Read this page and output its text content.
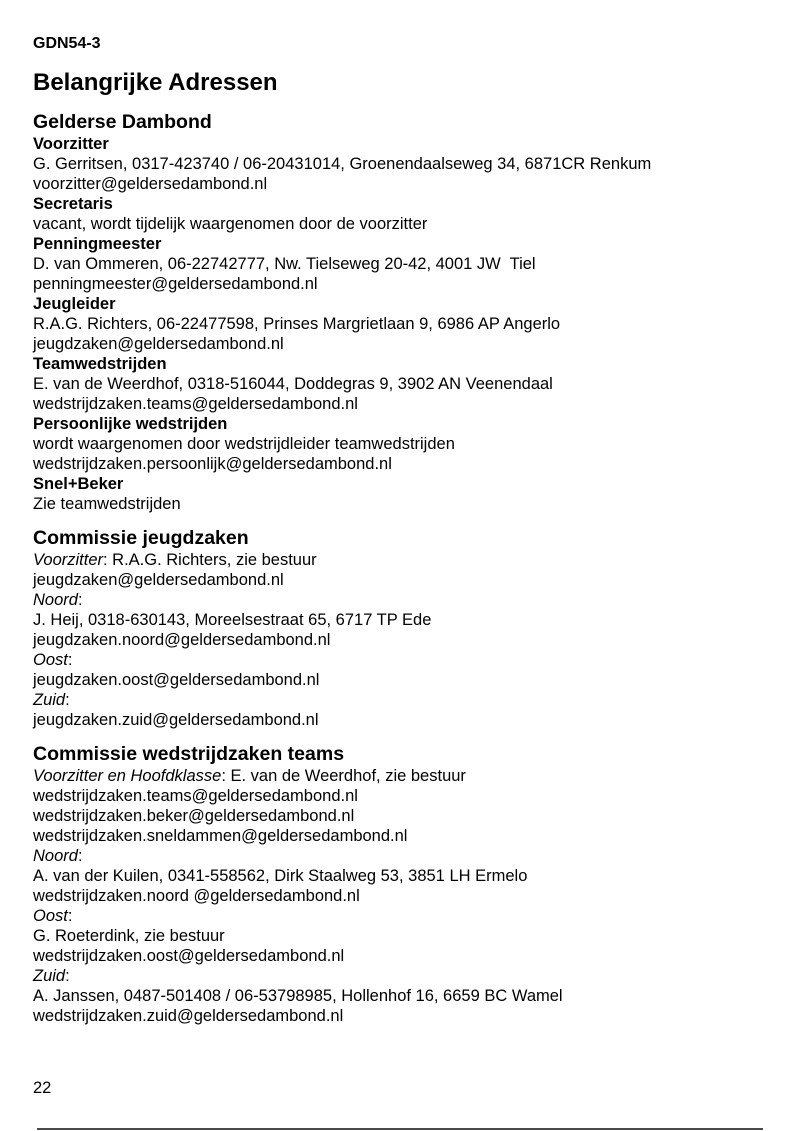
GDN54-3
Belangrijke Adressen
Gelderse Dambond
Voorzitter
G. Gerritsen, 0317-423740 / 06-20431014, Groenendaalseweg 34, 6871CR Renkum
voorzitter@geldersedambond.nl
Secretaris
vacant, wordt tijdelijk waargenomen door de voorzitter
Penningmeester
D. van Ommeren, 06-22742777, Nw. Tielseweg 20-42, 4001 JW  Tiel
penningmeester@geldersedambond.nl
Jeugleider
R.A.G. Richters, 06-22477598, Prinses Margrietlaan 9, 6986 AP Angerlo
jeugdzaken@geldersedambond.nl
Teamwedstrijden
E. van de Weerdhof, 0318-516044, Doddegras 9, 3902 AN Veenendaal
wedstrijdzaken.teams@geldersedambond.nl
Persoonlijke wedstrijden
wordt waargenomen door wedstrijdleider teamwedstrijden
wedstrijdzaken.persoonlijk@geldersedambond.nl
Snel+Beker
Zie teamwedstrijden
Commissie jeugdzaken
Voorzitter: R.A.G. Richters, zie bestuur
jeugdzaken@geldersedambond.nl
Noord:
J. Heij, 0318-630143, Moreelsestraat 65, 6717 TP Ede
jeugdzaken.noord@geldersedambond.nl
Oost:
jeugdzaken.oost@geldersedambond.nl
Zuid:
jeugdzaken.zuid@geldersedambond.nl
Commissie wedstrijdzaken teams
Voorzitter en Hoofdklasse: E. van de Weerdhof, zie bestuur
wedstrijdzaken.teams@geldersedambond.nl
wedstrijdzaken.beker@geldersedambond.nl
wedstrijdzaken.sneldammen@geldersedambond.nl
Noord:
A. van der Kuilen, 0341-558562, Dirk Staalweg 53, 3851 LH Ermelo
wedstrijdzaken.noord @geldersedambond.nl
Oost:
G. Roeterdink, zie bestuur
wedstrijdzaken.oost@geldersedambond.nl
Zuid:
A. Janssen, 0487-501408 / 06-53798985, Hollenhof 16, 6659 BC Wamel
wedstrijdzaken.zuid@geldersedambond.nl
22
